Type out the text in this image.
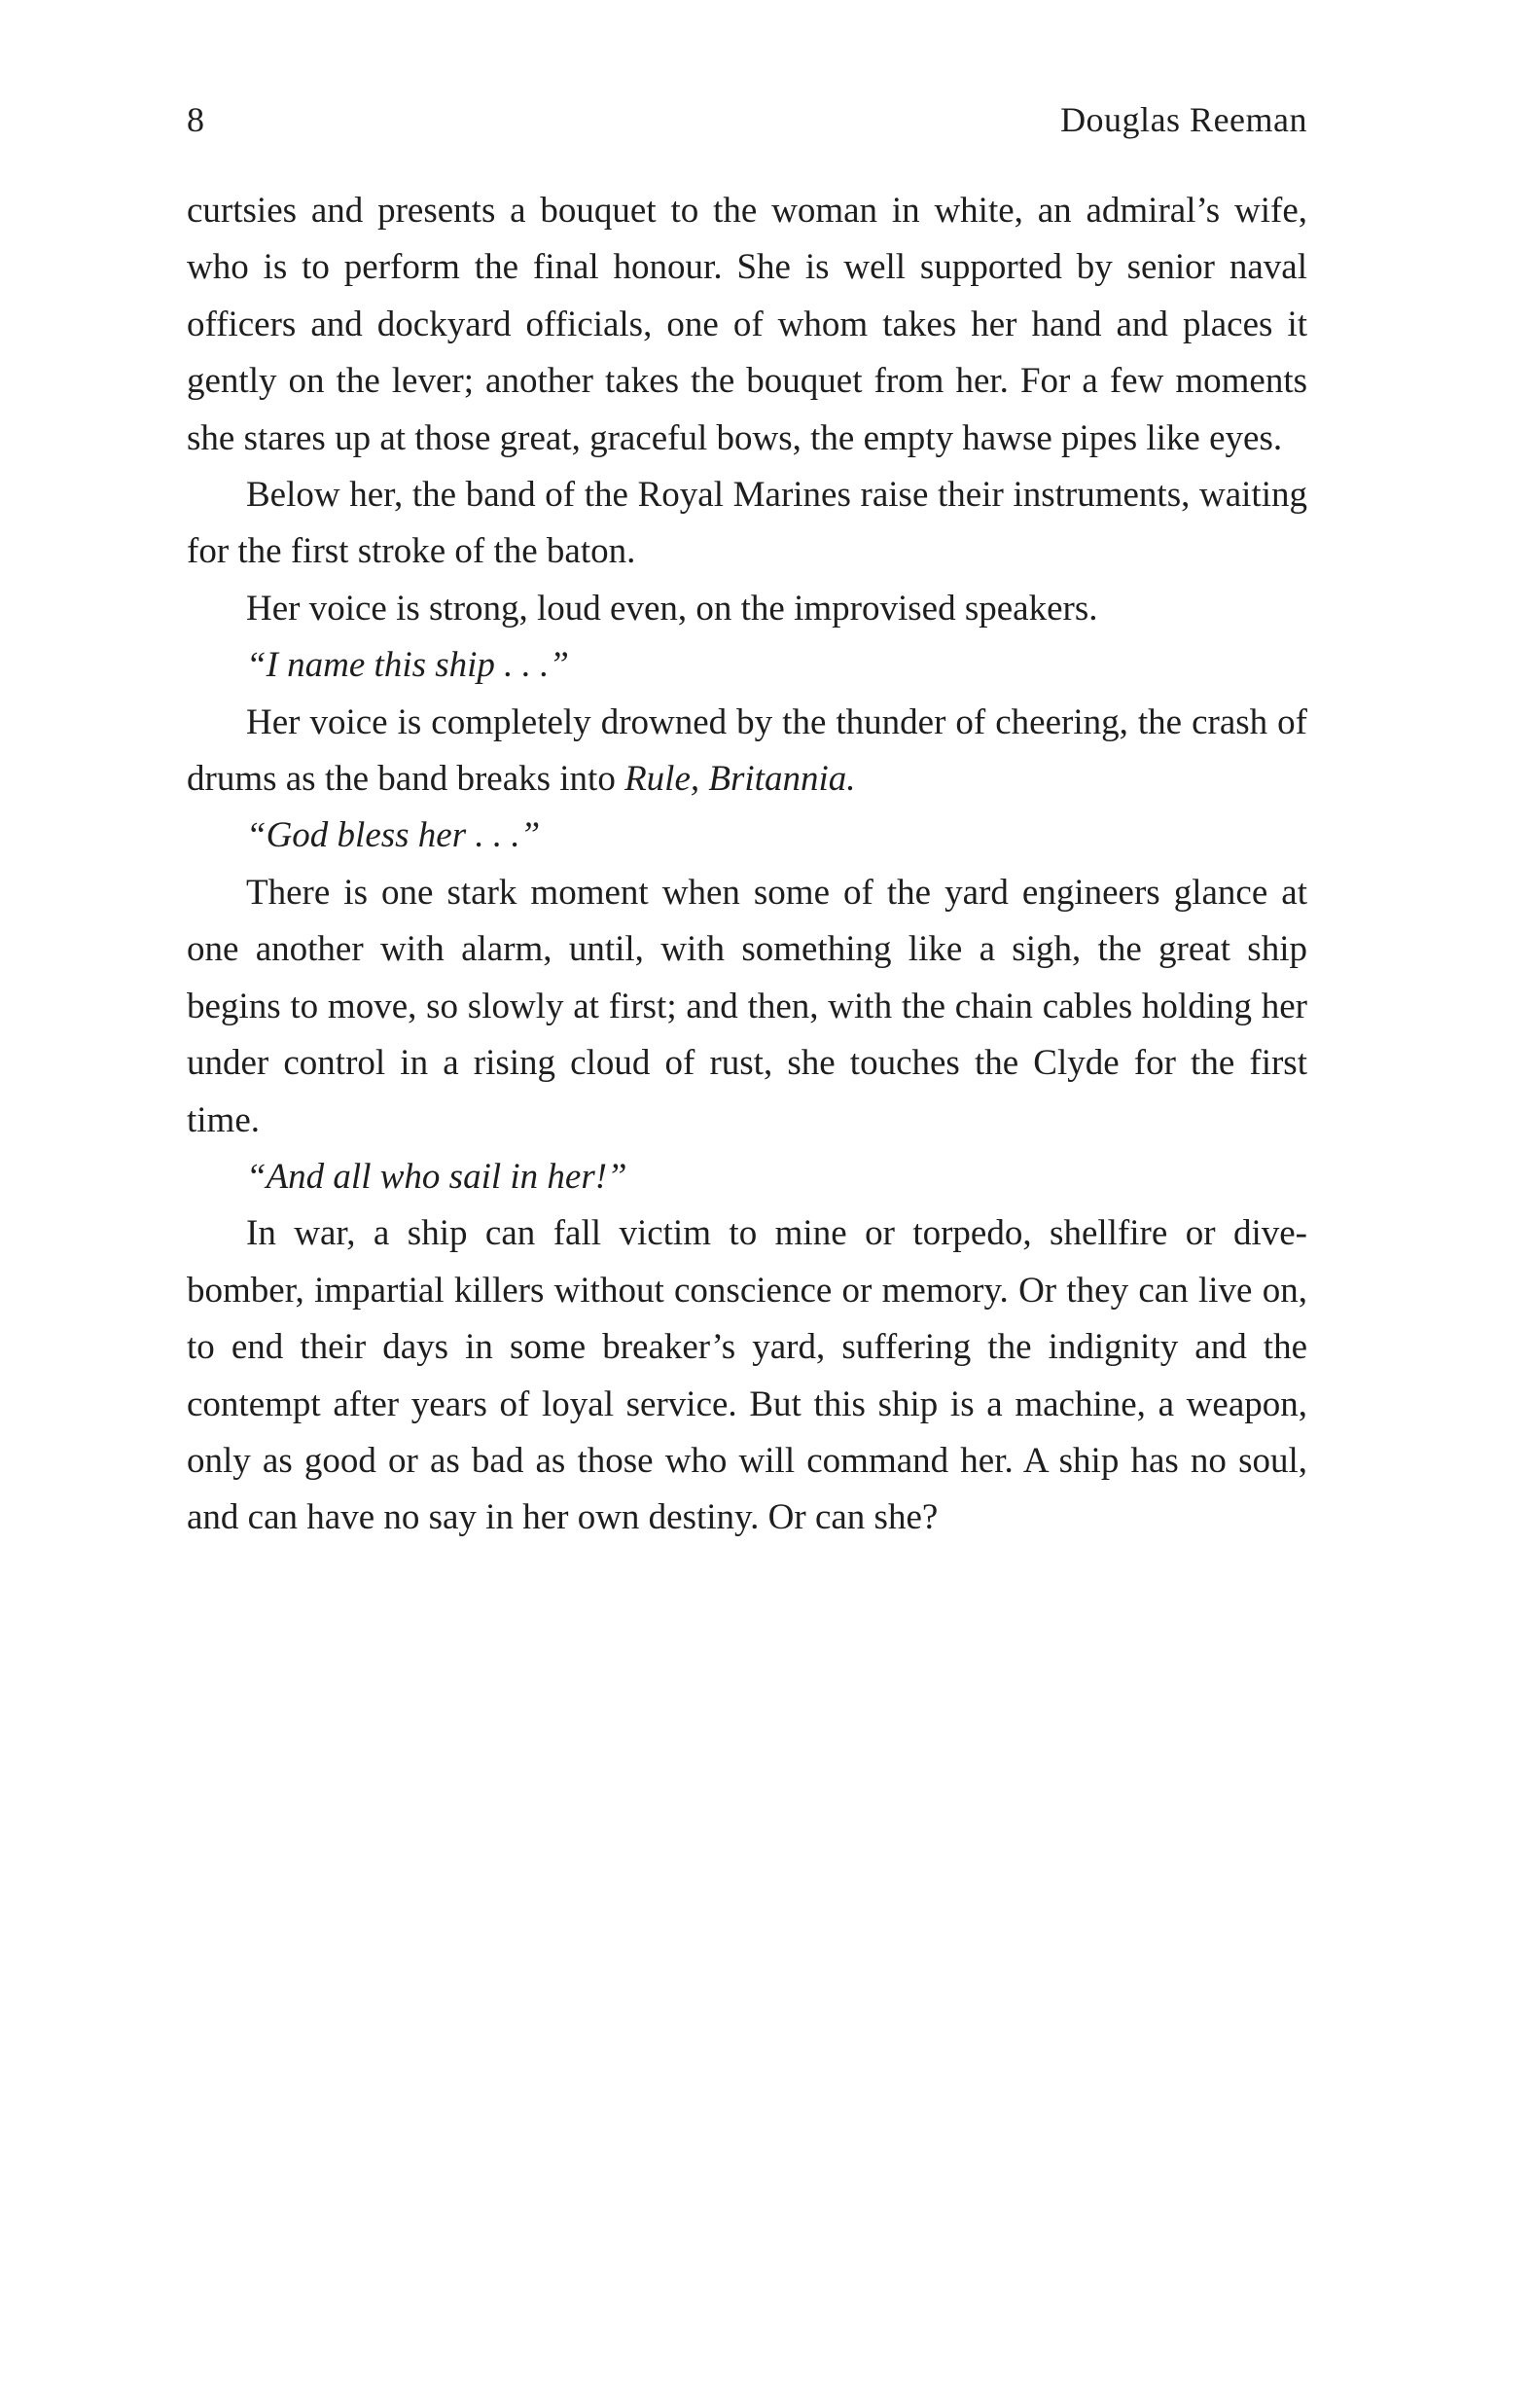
8	Douglas Reeman

curtsies and presents a bouquet to the woman in white, an admiral’s wife, who is to perform the final honour. She is well supported by senior naval officers and dockyard officials, one of whom takes her hand and places it gently on the lever; another takes the bouquet from her. For a few moments she stares up at those great, graceful bows, the empty hawse pipes like eyes.

Below her, the band of the Royal Marines raise their instruments, waiting for the first stroke of the baton.

Her voice is strong, loud even, on the improvised speakers.

“I name this ship . . .”

Her voice is completely drowned by the thunder of cheering, the crash of drums as the band breaks into Rule, Britannia.

“God bless her . . .”

There is one stark moment when some of the yard engineers glance at one another with alarm, until, with something like a sigh, the great ship begins to move, so slowly at first; and then, with the chain cables holding her under control in a rising cloud of rust, she touches the Clyde for the first time.

“And all who sail in her!”

In war, a ship can fall victim to mine or torpedo, shellfire or dive-bomber, impartial killers without conscience or memory. Or they can live on, to end their days in some breaker’s yard, suffering the indignity and the contempt after years of loyal service. But this ship is a machine, a weapon, only as good or as bad as those who will command her. A ship has no soul, and can have no say in her own destiny. Or can she?
